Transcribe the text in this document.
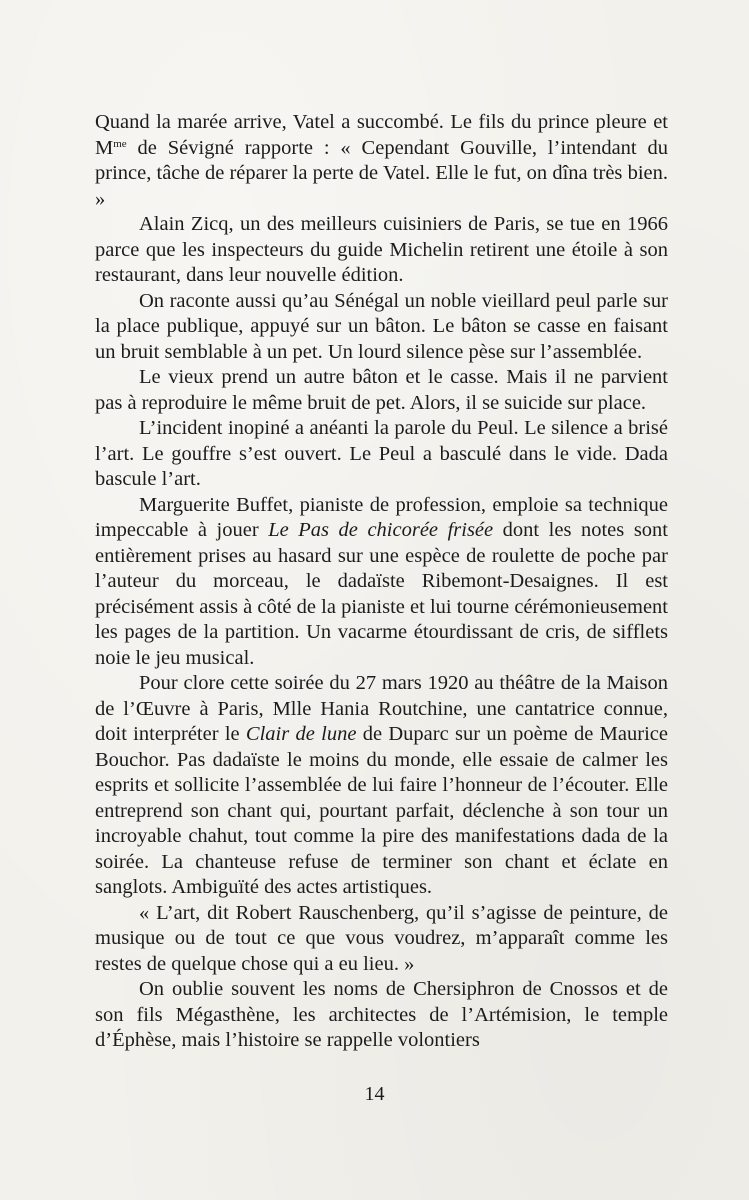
Quand la marée arrive, Vatel a succombé. Le fils du prince pleure et $M^{me}$ de Sévigné rapporte : « Cependant Gouville, l’intendant du prince, tâche de réparer la perte de Vatel. Elle le fut, on dîna très bien. »

Alain Zicq, un des meilleurs cuisiniers de Paris, se tue en 1966 parce que les inspecteurs du guide Michelin retirent une étoile à son restaurant, dans leur nouvelle édition.

On raconte aussi qu’au Sénégal un noble vieillard peul parle sur la place publique, appuyé sur un bâton. Le bâton se casse en faisant un bruit semblable à un pet. Un lourd silence pèse sur l’assemblée.

Le vieux prend un autre bâton et le casse. Mais il ne parvient pas à reproduire le même bruit de pet. Alors, il se suicide sur place.

L’incident inopiné a anéanti la parole du Peul. Le silence a brisé l’art. Le gouffre s’est ouvert. Le Peul a basculé dans le vide. Dada bascule l’art.

Marguerite Buffet, pianiste de profession, emploie sa technique impeccable à jouer Le Pas de chicorée frisée dont les notes sont entièrement prises au hasard sur une espèce de roulette de poche par l’auteur du morceau, le dadaïste Ribemont-Desaignes. Il est précisément assis à côté de la pianiste et lui tourne cérémonieusement les pages de la partition. Un vacarme étourdissant de cris, de sifflets noie le jeu musical.

Pour clore cette soirée du 27 mars 1920 au théâtre de la Maison de l’Œuvre à Paris, Mlle Hania Routchine, une cantatrice connue, doit interpréter le Clair de lune de Duparc sur un poème de Maurice Bouchor. Pas dadaïste le moins du monde, elle essaie de calmer les esprits et sollicite l’assemblée de lui faire l’honneur de l’écouter. Elle entreprend son chant qui, pourtant parfait, déclenche à son tour un incroyable chahut, tout comme la pire des manifestations dada de la soirée. La chanteuse refuse de terminer son chant et éclate en sanglots. Ambiguïté des actes artistiques.

« L’art, dit Robert Rauschenberg, qu’il s’agisse de peinture, de musique ou de tout ce que vous voudrez, m’apparaît comme les restes de quelque chose qui a eu lieu. »

On oublie souvent les noms de Chersiphron de Cnossos et de son fils Mégasthène, les architectes de l’Artémision, le temple d’Éphèse, mais l’histoire se rappelle volontiers

14
